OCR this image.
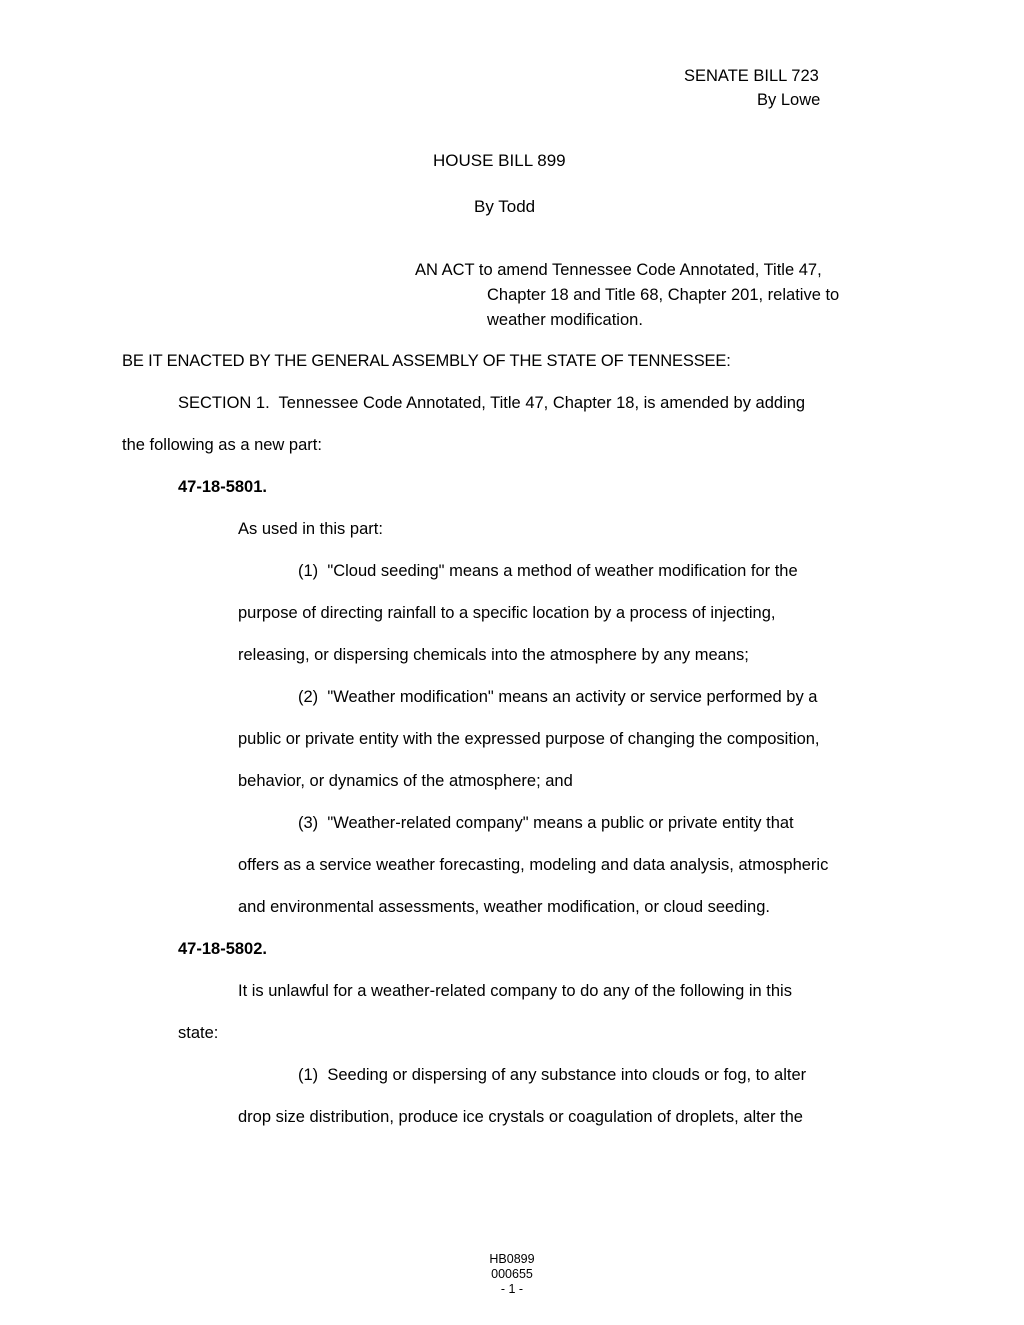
SENATE BILL 723
By Lowe
HOUSE BILL 899
By Todd
AN ACT to amend Tennessee Code Annotated, Title 47,
Chapter 18 and Title 68, Chapter 201, relative to
weather modification.
BE IT ENACTED BY THE GENERAL ASSEMBLY OF THE STATE OF TENNESSEE:
SECTION 1.  Tennessee Code Annotated, Title 47, Chapter 18, is amended by adding
the following as a new part:
47-18-5801.
As used in this part:
(1)  "Cloud seeding" means a method of weather modification for the
purpose of directing rainfall to a specific location by a process of injecting,
releasing, or dispersing chemicals into the atmosphere by any means;
(2)  "Weather modification" means an activity or service performed by a
public or private entity with the expressed purpose of changing the composition,
behavior, or dynamics of the atmosphere; and
(3)  "Weather-related company" means a public or private entity that
offers as a service weather forecasting, modeling and data analysis, atmospheric
and environmental assessments, weather modification, or cloud seeding.
47-18-5802.
It is unlawful for a weather-related company to do any of the following in this
state:
(1)  Seeding or dispersing of any substance into clouds or fog, to alter
drop size distribution, produce ice crystals or coagulation of droplets, alter the
HB0899
000655
- 1 -
